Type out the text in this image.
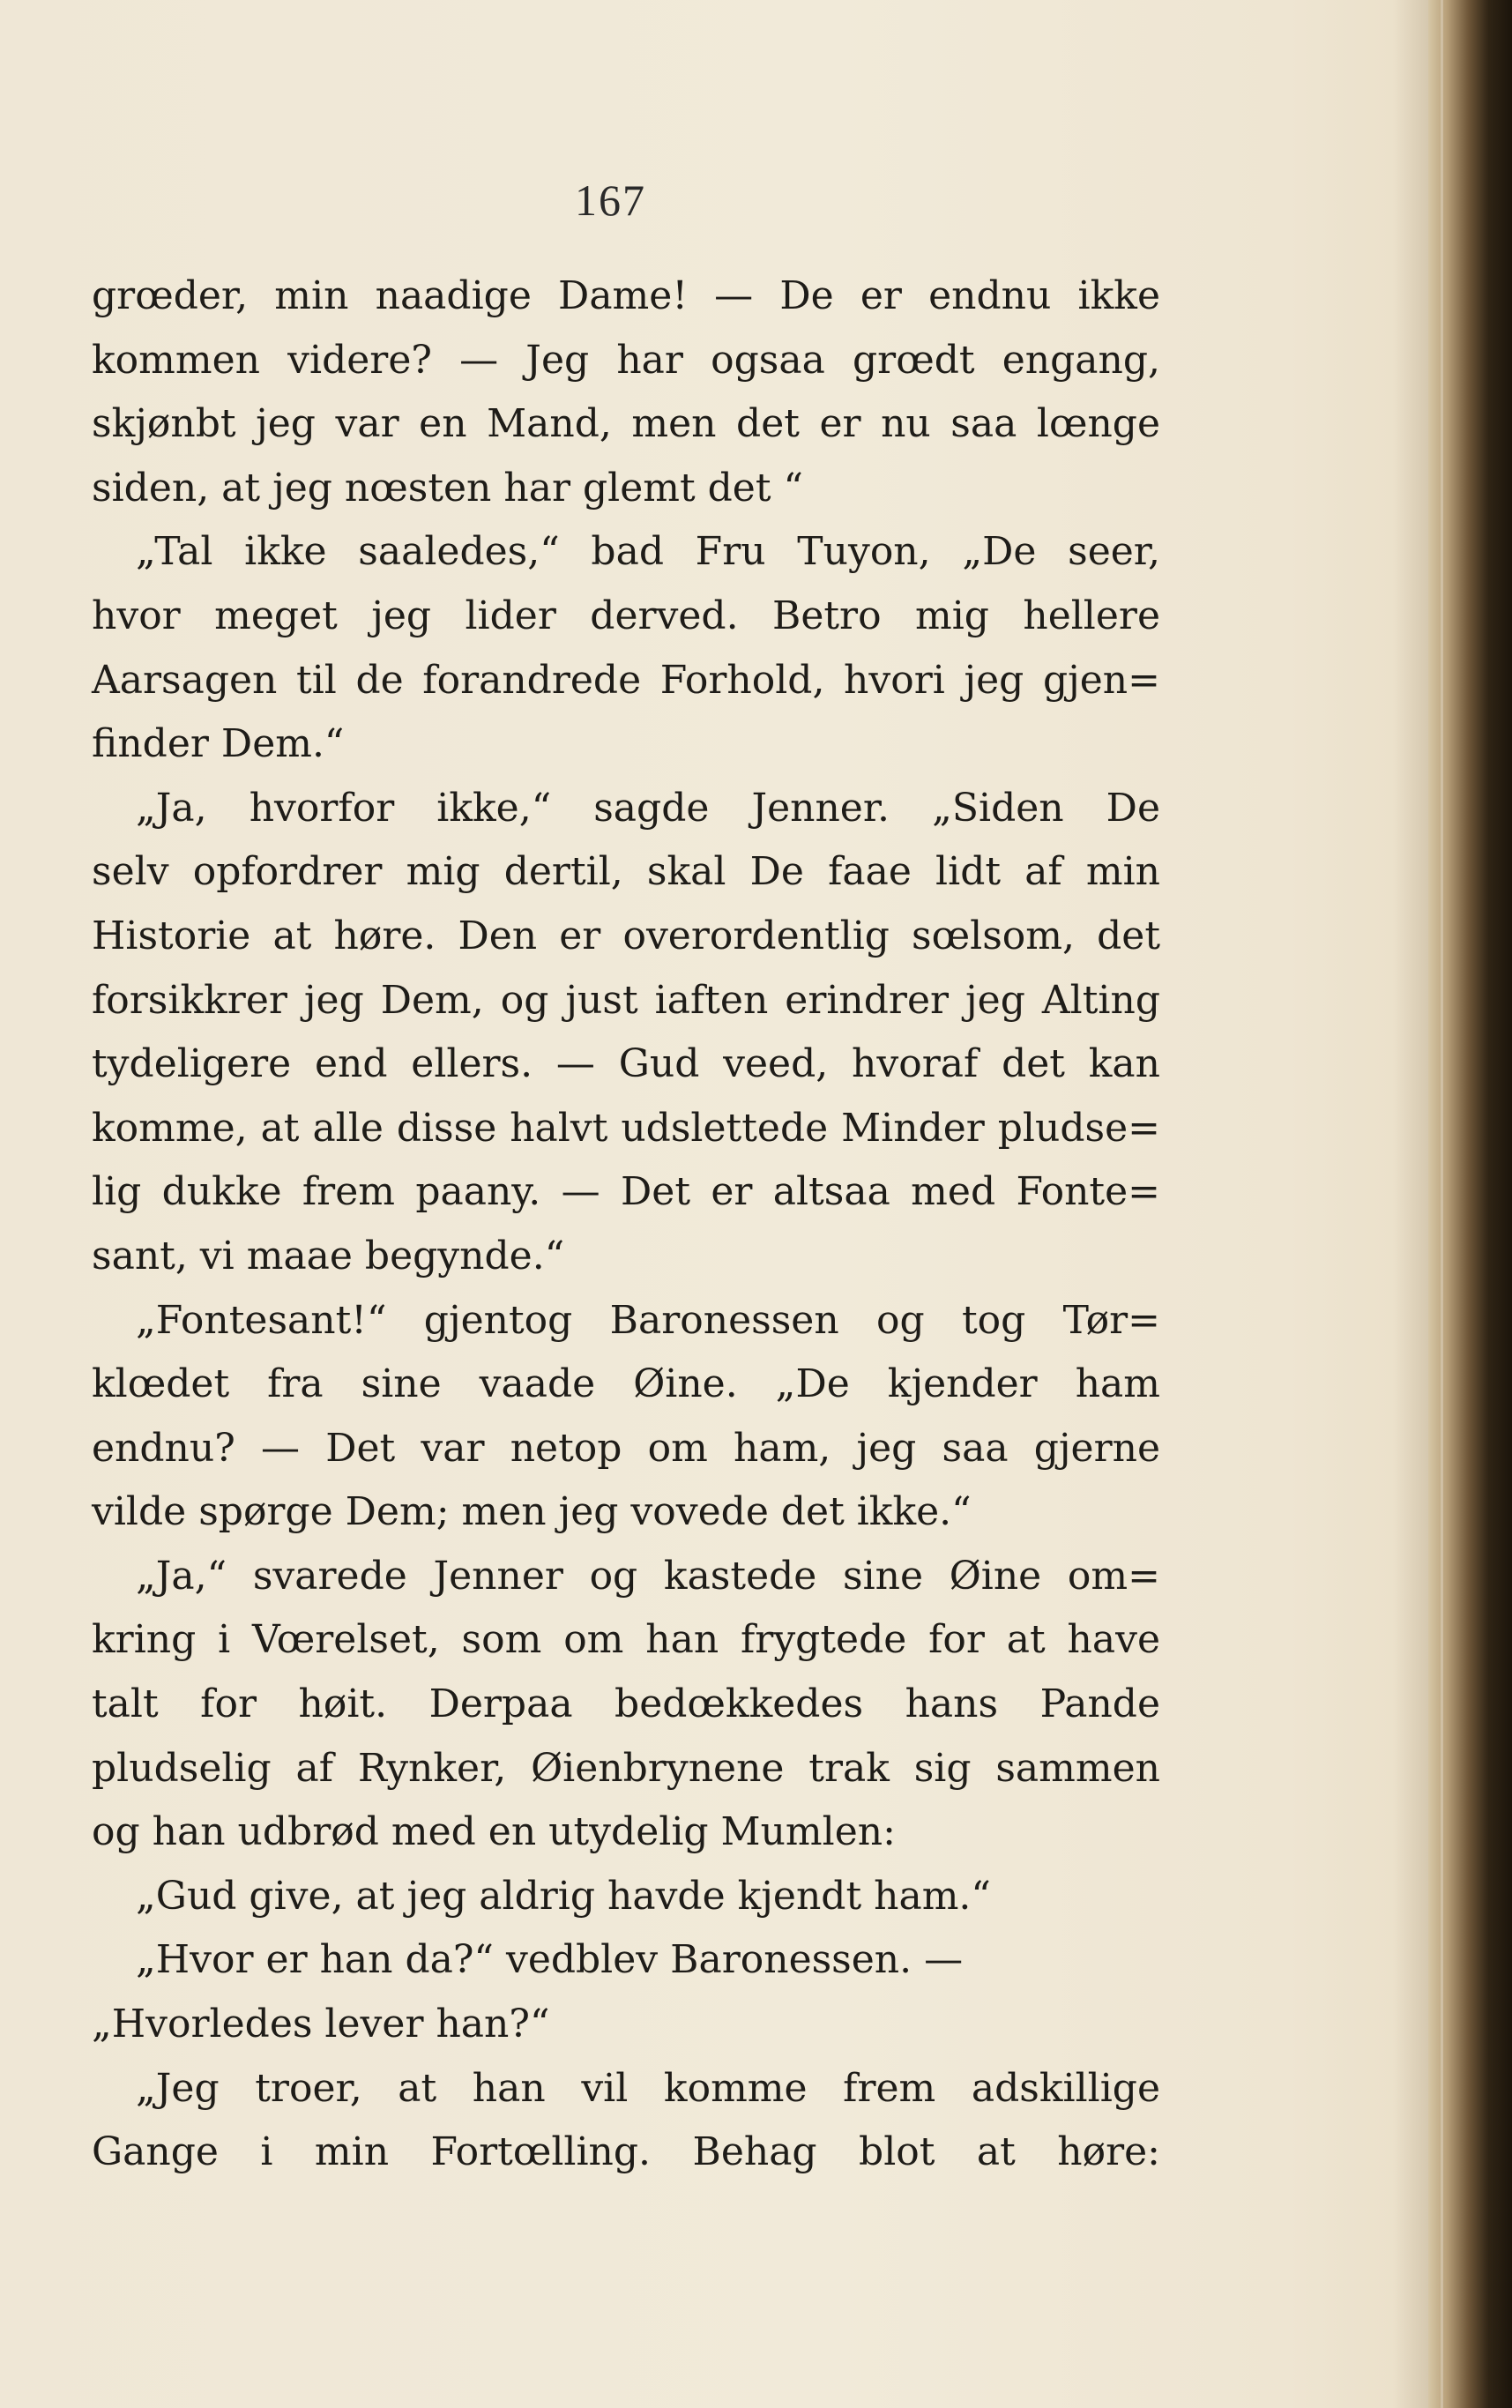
167
grœder, min naadige Dame! — De er endnu ikke
kommen videre? — Jeg har ogsaa grœdt engang,
skjønbt jeg var en Mand, men det er nu saa lœnge
siden, at jeg nœsten har glemt det “
„Tal ikke saaledes,“ bad Fru Tuyon, „De seer,
hvor meget jeg lider derved. Betro mig hellere
Aarsagen til de forandrede Forhold, hvori jeg gjen=
finder Dem.“
„Ja, hvorfor ikke,“ sagde Jenner. „Siden De
selv opfordrer mig dertil, skal De faae lidt af min
Historie at høre. Den er overordentlig sœlsom, det
forsikkrer jeg Dem, og just iaften erindrer jeg Alting
tydeligere end ellers. — Gud veed, hvoraf det kan
komme, at alle disse halvt udslettede Minder pludse=
lig dukke frem paany. — Det er altsaa med Fonte=
sant, vi maae begynde.“
„Fontesant!“ gjentog Baronessen og tog Tør=
klœdet fra sine vaade Øine. „De kjender ham
endnu? — Det var netop om ham, jeg saa gjerne
vilde spørge Dem; men jeg vovede det ikke.“
„Ja,“ svarede Jenner og kastede sine Øine om=
kring i Vœrelset, som om han frygtede for at have
talt for høit. Derpaa bedœkkedes hans Pande
pludselig af Rynker, Øienbrynene trak sig sammen
og han udbrød med en utydelig Mumlen:
„Gud give, at jeg aldrig havde kjendt ham.“
„Hvor er han da?“ vedblev Baronessen. —
„Hvorledes lever han?“
„Jeg troer, at han vil komme frem adskillige
Gange i min Fortœlling. Behag blot at høre:
